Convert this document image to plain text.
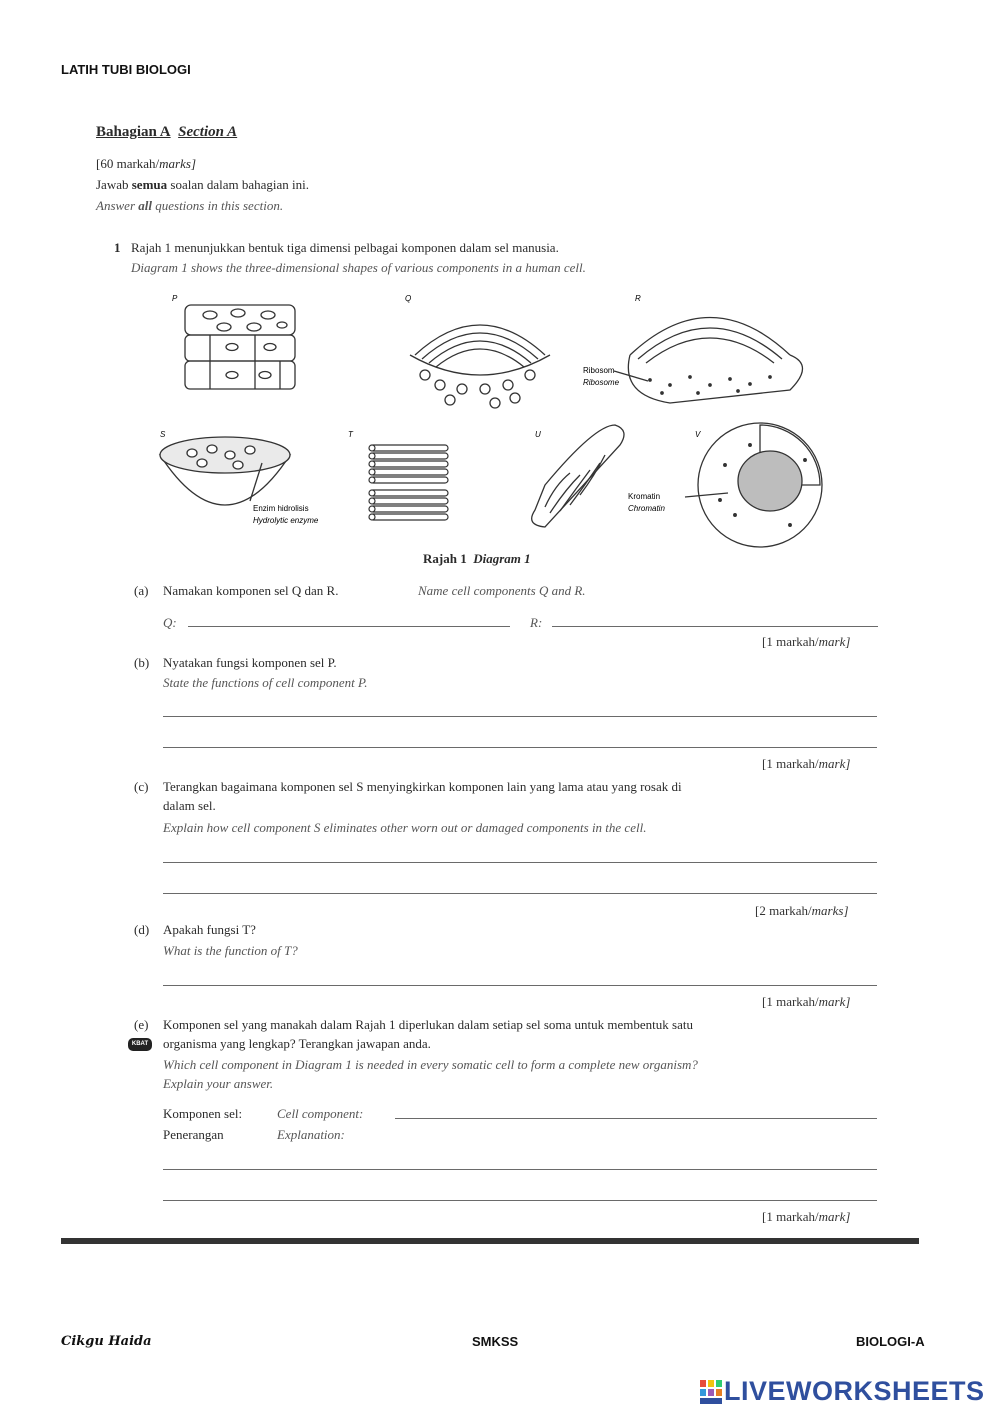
LATIH TUBI BIOLOGI
Bahagian A Section A
[60 markah/marks]
Jawab semua soalan dalam bahagian ini.
Answer all questions in this section.
1 Rajah 1 menunjukkan bentuk tiga dimensi pelbagai komponen dalam sel manusia.
Diagram 1 shows the three-dimensional shapes of various components in a human cell.
P	Q	R
Ribosom
Ribosome
S
Enzim hidrolisis
Hydrolytic enzyme
T	U	V
Kromatin
Chromatin
Rajah 1 Diagram 1
(a) Namakan komponen sel Q dan R.	Name cell components Q and R.
Q:	R:
[1 markah/mark]
(b) Nyatakan fungsi komponen sel P.
State the functions of cell component P.
[1 markah/mark]
(c) Terangkan bagaimana komponen sel S menyingkirkan komponen lain yang lama atau yang rosak di
dalam sel.
Explain how cell component S eliminates other worn out or damaged components in the cell.
[2 markah/marks]
(d) Apakah fungsi T?
What is the function of T?
[1 markah/mark]
(e)
KBAT
Komponen sel yang manakah dalam Rajah 1 diperlukan dalam setiap sel soma untuk membentuk satu
organisma yang lengkap? Terangkan jawapan anda.
Which cell component in Diagram 1 is needed in every somatic cell to form a complete new organism?
Explain your answer.
Komponen sel:	Cell component:
Penerangan	Explanation:
[1 markah/mark]
Cikgu Haida	SMKSS	BIOLOGI-A
LIVEWORKSHEETS
